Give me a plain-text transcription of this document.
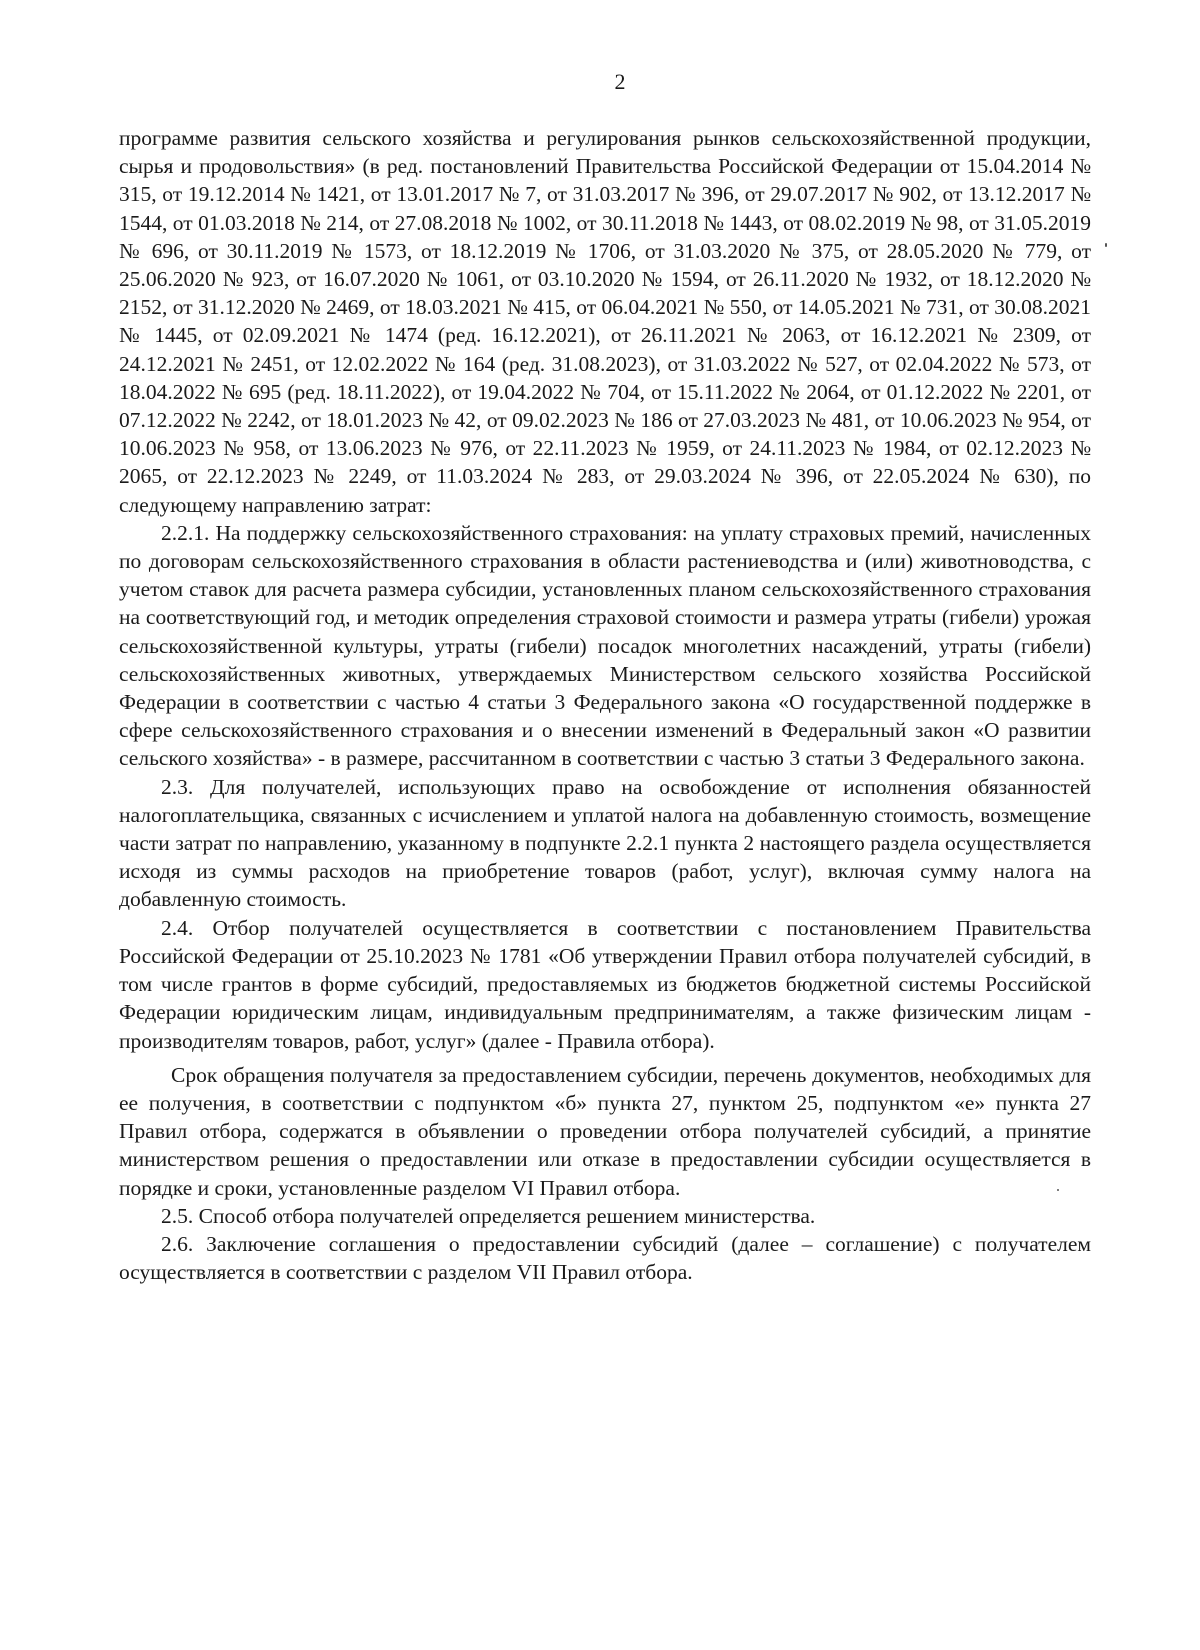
2

программе развития сельского хозяйства и регулирования рынков сельскохозяйственной продукции, сырья и продовольствия» (в ред. постановлений Правительства Российской Федерации от 15.04.2014 № 315, от 19.12.2014 № 1421, от 13.01.2017 № 7, от 31.03.2017 № 396, от 29.07.2017 № 902, от 13.12.2017 № 1544, от 01.03.2018 № 214, от 27.08.2018 № 1002, от 30.11.2018 № 1443, от 08.02.2019 № 98, от 31.05.2019 № 696, от 30.11.2019 № 1573, от 18.12.2019 № 1706, от 31.03.2020 № 375, от 28.05.2020 № 779, от 25.06.2020 № 923, от 16.07.2020 № 1061, от 03.10.2020 № 1594, от 26.11.2020 № 1932, от 18.12.2020 № 2152, от 31.12.2020 № 2469, от 18.03.2021 № 415, от 06.04.2021 № 550, от 14.05.2021 № 731, от 30.08.2021 № 1445, от 02.09.2021 № 1474 (ред. 16.12.2021), от 26.11.2021 № 2063, от 16.12.2021 № 2309, от 24.12.2021 № 2451, от 12.02.2022 № 164 (ред. 31.08.2023), от 31.03.2022 № 527, от 02.04.2022 № 573, от 18.04.2022 № 695 (ред. 18.11.2022), от 19.04.2022 № 704, от 15.11.2022 № 2064, от 01.12.2022 № 2201, от 07.12.2022 № 2242, от 18.01.2023 № 42, от 09.02.2023 № 186 от 27.03.2023 № 481, от 10.06.2023 № 954, от 10.06.2023 № 958, от 13.06.2023 № 976, от 22.11.2023 № 1959, от 24.11.2023 № 1984, от 02.12.2023 № 2065, от 22.12.2023 № 2249, от 11.03.2024 № 283, от 29.03.2024 № 396, от 22.05.2024 № 630), по следующему направлению затрат:

2.2.1. На поддержку сельскохозяйственного страхования: на уплату страховых премий, начисленных по договорам сельскохозяйственного страхования в области растениеводства и (или) животноводства, с учетом ставок для расчета размера субсидии, установленных планом сельскохозяйственного страхования на соответствующий год, и методик определения страховой стоимости и размера утраты (гибели) урожая сельскохозяйственной культуры, утраты (гибели) посадок многолетних насаждений, утраты (гибели) сельскохозяйственных животных, утверждаемых Министерством сельского хозяйства Российской Федерации в соответствии с частью 4 статьи 3 Федерального закона «О государственной поддержке в сфере сельскохозяйственного страхования и о внесении изменений в Федеральный закон «О развитии сельского хозяйства» - в размере, рассчитанном в соответствии с частью 3 статьи 3 Федерального закона.

2.3. Для получателей, использующих право на освобождение от исполнения обязанностей налогоплательщика, связанных с исчислением и уплатой налога на добавленную стоимость, возмещение части затрат по направлению, указанному в подпункте 2.2.1 пункта 2 настоящего раздела осуществляется исходя из суммы расходов на приобретение товаров (работ, услуг), включая сумму налога на добавленную стоимость.

2.4. Отбор получателей осуществляется в соответствии с постановлением Правительства Российской Федерации от 25.10.2023 № 1781 «Об утверждении Правил отбора получателей субсидий, в том числе грантов в форме субсидий, предоставляемых из бюджетов бюджетной системы Российской Федерации юридическим лицам, индивидуальным предпринимателям, а также физическим лицам - производителям товаров, работ, услуг» (далее - Правила отбора).

Срок обращения получателя за предоставлением субсидии, перечень документов, необходимых для ее получения, в соответствии с подпунктом «б» пункта 27, пунктом 25, подпунктом «е» пункта 27 Правил отбора, содержатся в объявлении о проведении отбора получателей субсидий, а принятие министерством решения о предоставлении или отказе в предоставлении субсидии осуществляется в порядке и сроки, установленные разделом VI Правил отбора.

2.5. Способ отбора получателей определяется решением министерства.

2.6. Заключение соглашения о предоставлении субсидий (далее – соглашение) с получателем осуществляется в соответствии с разделом VII Правил отбора.
